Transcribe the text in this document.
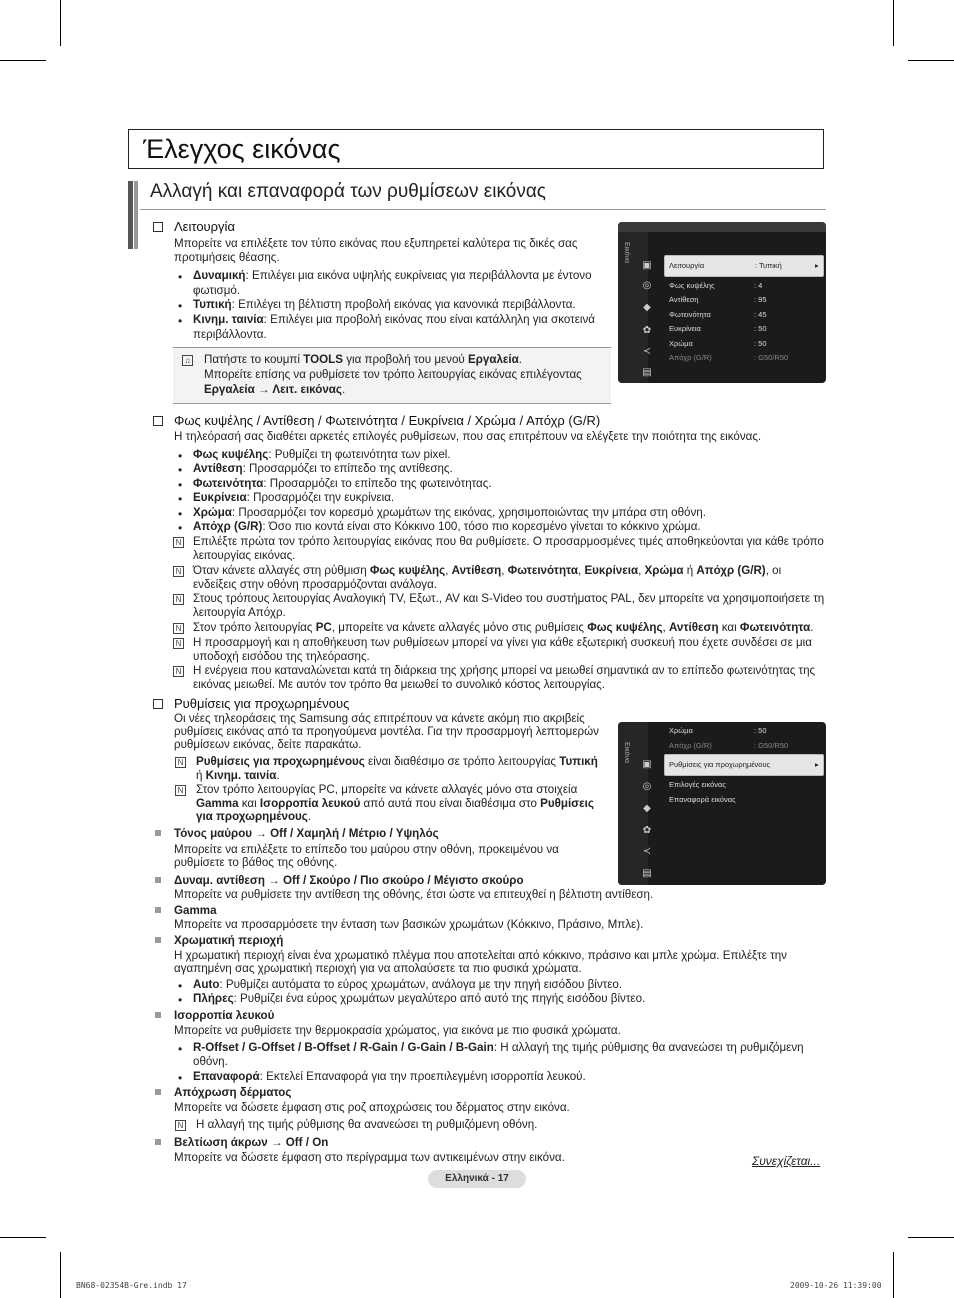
Έλεγχος εικόνας
Αλλαγή και επαναφορά των ρυθμίσεων εικόνας
Λειτουργία
Μπορείτε να επιλέξετε τον τύπο εικόνας που εξυπηρετεί καλύτερα τις δικές σας
προτιμήσεις θέασης.
• Δυναμική: Επιλέγει μια εικόνα υψηλής ευκρίνειας για περιβάλλοντα με έντονο
φωτισμό.
• Τυπική: Επιλέγει τη βέλτιστη προβολή εικόνας για κανονικά περιβάλλοντα.
• Κινημ. ταινία: Επιλέγει μια προβολή εικόνας που είναι κατάλληλη για σκοτεινά
περιβάλλοντα.
♫ Πατήστε το κουμπί TOOLS για προβολή του μενού Εργαλεία.
Μπορείτε επίσης να ρυθμίσετε τον τρόπο λειτουργίας εικόνας επιλέγοντας
Εργαλεία → Λειτ. εικόνας.
Εικόνα
▣
◎
◆
✿
≺
▤
Λειτουργία	: Τυπική	▸
Φως κυψέλης	: 4
Αντίθεση	: 95
Φωτεινότητα	: 45
Ευκρίνεια	: 50
Χρώμα	: 50
Απόχρ (G/R)	: G50/R50
Φως κυψέλης / Αντίθεση / Φωτεινότητα / Ευκρίνεια / Χρώμα / Απόχρ (G/R)
Η τηλεόρασή σας διαθέτει αρκετές επιλογές ρυθμίσεων, που σας επιτρέπουν να ελέγξετε την ποιότητα της εικόνας.
• Φως κυψέλης: Ρυθμίζει τη φωτεινότητα των pixel.
• Αντίθεση: Προσαρμόζει το επίπεδο της αντίθεσης.
• Φωτεινότητα: Προσαρμόζει το επίπεδο της φωτεινότητας.
• Ευκρίνεια: Προσαρμόζει την ευκρίνεια.
• Χρώμα: Προσαρμόζει τον κορεσμό χρωμάτων της εικόνας, χρησιμοποιώντας την μπάρα στη οθόνη.
• Απόχρ (G/R): Όσο πιο κοντά είναι στο Κόκκινο 100, τόσο πιο κορεσμένο γίνεται το κόκκινο χρώμα.
N Επιλέξτε πρώτα τον τρόπο λειτουργίας εικόνας που θα ρυθμίσετε. Ο προσαρμοσμένες τιμές αποθηκεύονται για κάθε τρόπο
λειτουργίας εικόνας.
N Όταν κάνετε αλλαγές στη ρύθμιση Φως κυψέλης, Αντίθεση, Φωτεινότητα, Ευκρίνεια, Χρώμα ή Απόχρ (G/R), οι
ενδείξεις στην οθόνη προσαρμόζονται ανάλογα.
N Στους τρόπους λειτουργίας Αναλογική TV, Εξωτ., AV και S-Video του συστήματος PAL, δεν μπορείτε να χρησιμοποιήσετε τη
λειτουργία Απόχρ.
N Στον τρόπο λειτουργίας PC, μπορείτε να κάνετε αλλαγές μόνο στις ρυθμίσεις Φως κυψέλης, Αντίθεση και Φωτεινότητα.
N Η προσαρμογή και η αποθήκευση των ρυθμίσεων μπορεί να γίνει για κάθε εξωτερική συσκευή που έχετε συνδέσει σε μια
υποδοχή εισόδου της τηλεόρασης.
N Η ενέργεια που καταναλώνεται κατά τη διάρκεια της χρήσης μπορεί να μειωθεί σημαντικά αν το επίπεδο φωτεινότητας της
εικόνας μειωθεί. Με αυτόν τον τρόπο θα μειωθεί το συνολικό κόστος λειτουργίας.
Ρυθμίσεις για προχωρημένους
Οι νέες τηλεοράσεις της Samsung σάς επιτρέπουν να κάνετε ακόμη πιο ακριβείς
ρυθμίσεις εικόνας από τα προηγούμενα μοντέλα. Για την προσαρμογή λεπτομερών
ρυθμίσεων εικόνας, δείτε παρακάτω.
N Ρυθμίσεις για προχωρημένους είναι διαθέσιμο σε τρόπο λειτουργίας Τυπική
ή Κινημ. ταινία.
N Στον τρόπο λειτουργίας PC, μπορείτε να κάνετε αλλαγές μόνο στα στοιχεία
Gamma και Ισορροπία λευκού από αυτά που είναι διαθέσιμα στο Ρυθμίσεις
για προχωρημένους.
Τόνος μαύρου → Off / Χαμηλή / Μέτριο / Υψηλός
Μπορείτε να επιλέξετε το επίπεδο του μαύρου στην οθόνη, προκειμένου να
ρυθμίσετε το βάθος της οθόνης.
Δυναμ. αντίθεση → Off / Σκούρο / Πιο σκούρο / Μέγιστο σκούρο
Μπορείτε να ρυθμίσετε την αντίθεση της οθόνης, έτσι ώστε να επιτευχθεί η βέλτιστη αντίθεση.
Gamma
Μπορείτε να προσαρμόσετε την ένταση των βασικών χρωμάτων (Κόκκινο, Πράσινο, Μπλε).
Χρωματική περιοχή
Η χρωματική περιοχή είναι ένα χρωματικό πλέγμα που αποτελείται από κόκκινο, πράσινο και μπλε χρώμα. Επιλέξτε την
αγαπημένη σας χρωματική περιοχή για να απολαύσετε τα πιο φυσικά χρώματα.
• Auto: Ρυθμίζει αυτόματα το εύρος χρωμάτων, ανάλογα με την πηγή εισόδου βίντεο.
• Πλήρες: Ρυθμίζει ένα εύρος χρωμάτων μεγαλύτερο από αυτό της πηγής εισόδου βίντεο.
Ισορροπία λευκού
Μπορείτε να ρυθμίσετε την θερμοκρασία χρώματος, για εικόνα με πιο φυσικά χρώματα.
• R-Offset / G-Offset / B-Offset / R-Gain / G-Gain / B-Gain: Η αλλαγή της τιμής ρύθμισης θα ανανεώσει τη ρυθμιζόμενη
οθόνη.
• Επαναφορά: Εκτελεί Επαναφορά για την προεπιλεγμένη ισορροπία λευκού.
Απόχρωση δέρματος
Μπορείτε να δώσετε έμφαση στις ροζ αποχρώσεις του δέρματος στην εικόνα.
N Η αλλαγή της τιμής ρύθμισης θα ανανεώσει τη ρυθμιζόμενη οθόνη.
Βελτίωση άκρων → Off / On
Μπορείτε να δώσετε έμφαση στο περίγραμμα των αντικειμένων στην εικόνα.
Εικόνα
▣
◎
◆
✿
≺
▤
Χρώμα	: 50
Απόχρ (G/R)	: G50/R50
Ρυθμίσεις για προχωρημένους	▸
Επιλογές εικόνας
Επαναφορά εικόνας
Συνεχίζεται...
Ελληνικά - 17
BN68-02354B-Gre.indb 17	2009-10-26 11:39:00
